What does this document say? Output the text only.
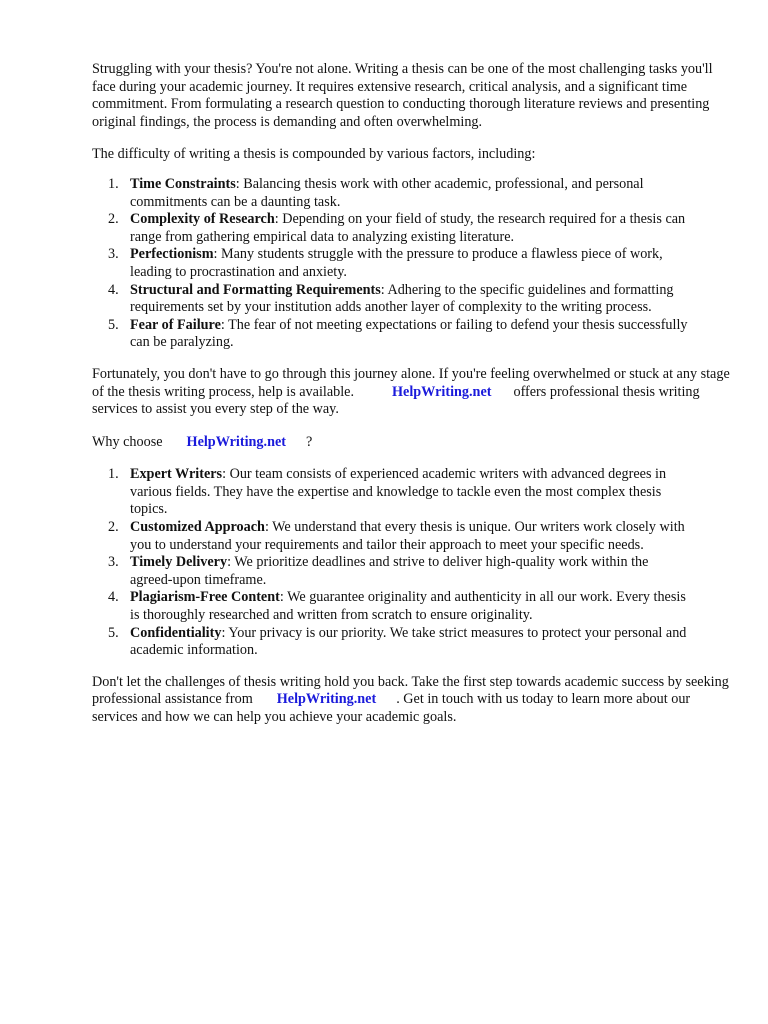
Struggling with your thesis? You're not alone. Writing a thesis can be one of the most challenging tasks you'll face during your academic journey. It requires extensive research, critical analysis, and a significant time commitment. From formulating a research question to conducting thorough literature reviews and presenting original findings, the process is demanding and often overwhelming.

The difficulty of writing a thesis is compounded by various factors, including:

1. Time Constraints: Balancing thesis work with other academic, professional, and personal commitments can be a daunting task.
2. Complexity of Research: Depending on your field of study, the research required for a thesis can range from gathering empirical data to analyzing existing literature.
3. Perfectionism: Many students struggle with the pressure to produce a flawless piece of work, leading to procrastination and anxiety.
4. Structural and Formatting Requirements: Adhering to the specific guidelines and formatting requirements set by your institution adds another layer of complexity to the writing process.
5. Fear of Failure: The fear of not meeting expectations or failing to defend your thesis successfully can be paralyzing.

Fortunately, you don't have to go through this journey alone. If you're feeling overwhelmed or stuck at any stage of the thesis writing process, help is available.	HelpWriting.net offers professional thesis writing services to assist you every step of the way.

Why choose HelpWriting.net ?

1. Expert Writers: Our team consists of experienced academic writers with advanced degrees in various fields. They have the expertise and knowledge to tackle even the most complex thesis topics.
2. Customized Approach: We understand that every thesis is unique. Our writers work closely with you to understand your requirements and tailor their approach to meet your specific needs.
3. Timely Delivery: We prioritize deadlines and strive to deliver high-quality work within the agreed-upon timeframe.
4. Plagiarism-Free Content: We guarantee originality and authenticity in all our work. Every thesis is thoroughly researched and written from scratch to ensure originality.
5. Confidentiality: Your privacy is our priority. We take strict measures to protect your personal and academic information.

Don't let the challenges of thesis writing hold you back. Take the first step towards academic success by seeking professional assistance from HelpWriting.net . Get in touch with us today to learn more about our services and how we can help you achieve your academic goals.
